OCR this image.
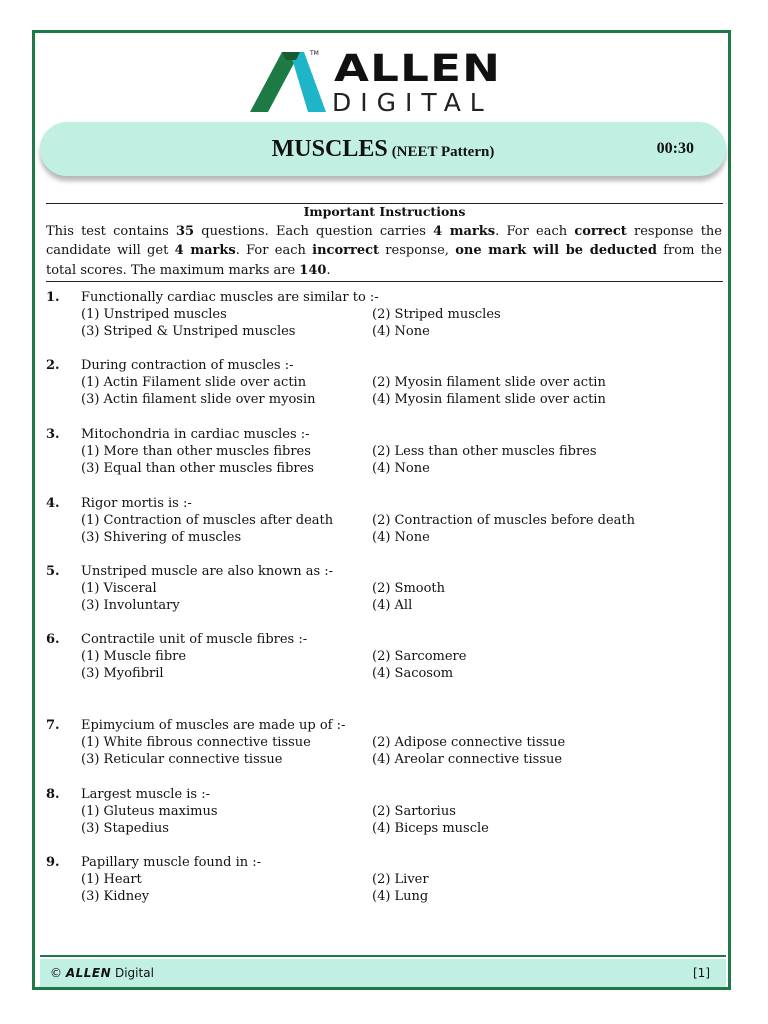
TM ALLEN
DIGITAL
MUSCLES (NEET Pattern)	00:30
Important Instructions
This test contains 35 questions. Each question carries 4 marks. For each correct response the candidate will get 4 marks. For each incorrect response, one mark will be deducted from the total scores. The maximum marks are 140.
1. Functionally cardiac muscles are similar to :-
(1) Unstriped muscles	(2) Striped muscles
(3) Striped & Unstriped muscles	(4) None
2. During contraction of muscles :-
(1) Actin Filament slide over actin	(2) Myosin filament slide over actin
(3) Actin filament slide over myosin	(4) Myosin filament slide over actin
3. Mitochondria in cardiac muscles :-
(1) More than other muscles fibres	(2) Less than other muscles fibres
(3) Equal than other muscles fibres	(4) None
4. Rigor mortis is :-
(1) Contraction of muscles after death	(2) Contraction of muscles before death
(3) Shivering of muscles	(4) None
5. Unstriped muscle are also known as :-
(1) Visceral	(2) Smooth
(3) Involuntary	(4) All
6. Contractile unit of muscle fibres :-
(1) Muscle fibre	(2) Sarcomere
(3) Myofibril	(4) Sacosom
7. Epimycium of muscles are made up of :-
(1) White fibrous connective tissue	(2) Adipose connective tissue
(3) Reticular connective tissue	(4) Areolar connective tissue
8. Largest muscle is :-
(1) Gluteus maximus	(2) Sartorius
(3) Stapedius	(4) Biceps muscle
9. Papillary muscle found in :-
(1) Heart	(2) Liver
(3) Kidney	(4) Lung
© ALLEN Digital	[1]
